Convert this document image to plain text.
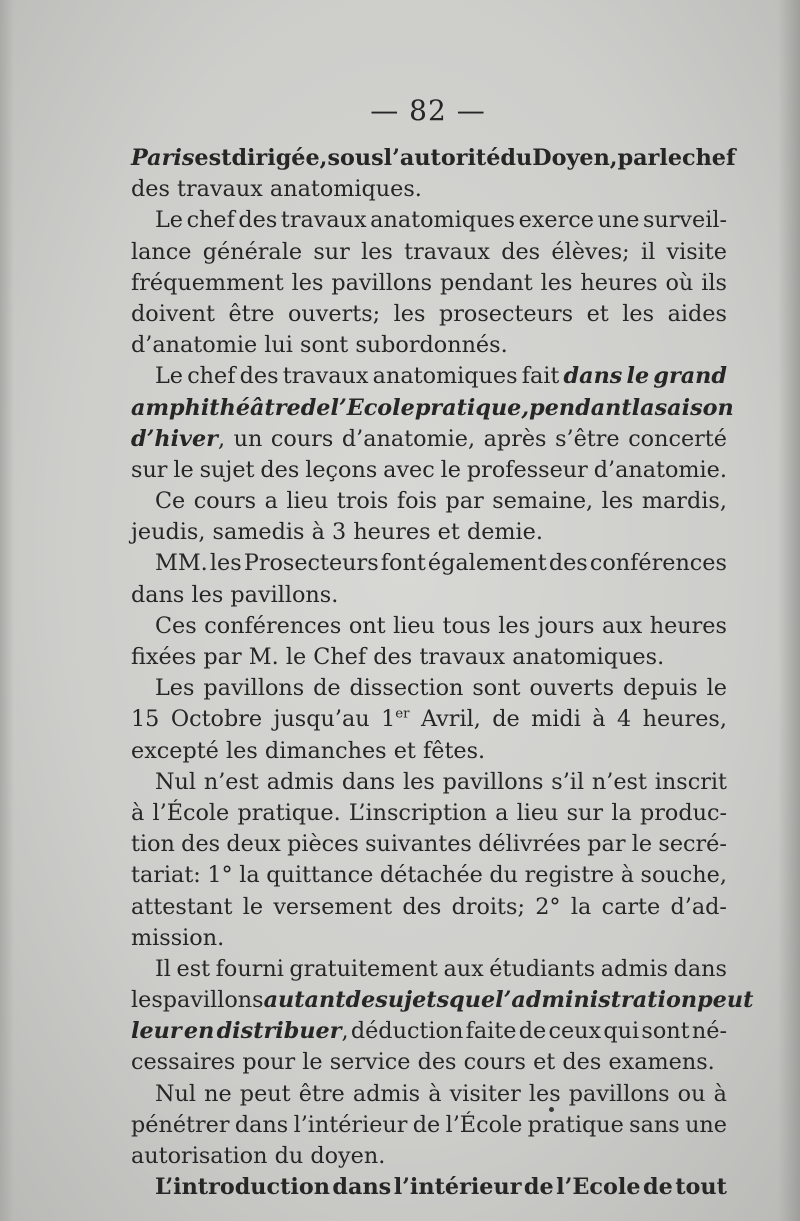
— 82 —
Paris est dirigée, sous l’autorité du Doyen, par le chef
des travaux anatomiques.
Le chef des travaux anatomiques exerce une surveil-
lance générale sur les travaux des élèves; il visite
fréquemment les pavillons pendant les heures où ils
doivent être ouverts; les prosecteurs et les aides
d’anatomie lui sont subordonnés.
Le chef des travaux anatomiques fait dans le grand
amphithéâtre de l’Ecole pratique, pendant la saison
d’hiver, un cours d’anatomie, après s’être concerté
sur le sujet des leçons avec le professeur d’anatomie.
Ce cours a lieu trois fois par semaine, les mardis,
jeudis, samedis à 3 heures et demie.
MM. les Prosecteurs font également des conférences
dans les pavillons.
Ces conférences ont lieu tous les jours aux heures
fixées par M. le Chef des travaux anatomiques.
Les pavillons de dissection sont ouverts depuis le
15 Octobre jusqu’au 1er Avril, de midi à 4 heures,
excepté les dimanches et fêtes.
Nul n’est admis dans les pavillons s’il n’est inscrit
à l’École pratique. L’inscription a lieu sur la produc-
tion des deux pièces suivantes délivrées par le secré-
tariat: 1° la quittance détachée du registre à souche,
attestant le versement des droits; 2° la carte d’ad-
mission.
Il est fourni gratuitement aux étudiants admis dans
les pavillons autant de sujets que l’administration peut
leur en distribuer, déduction faite de ceux qui sont né-
cessaires pour le service des cours et des examens.
Nul ne peut être admis à visiter les pavillons ou à
pénétrer dans l’intérieur de l’École pratique sans une
autorisation du doyen.
L’introduction dans l’intérieur de l’Ecole de tout
